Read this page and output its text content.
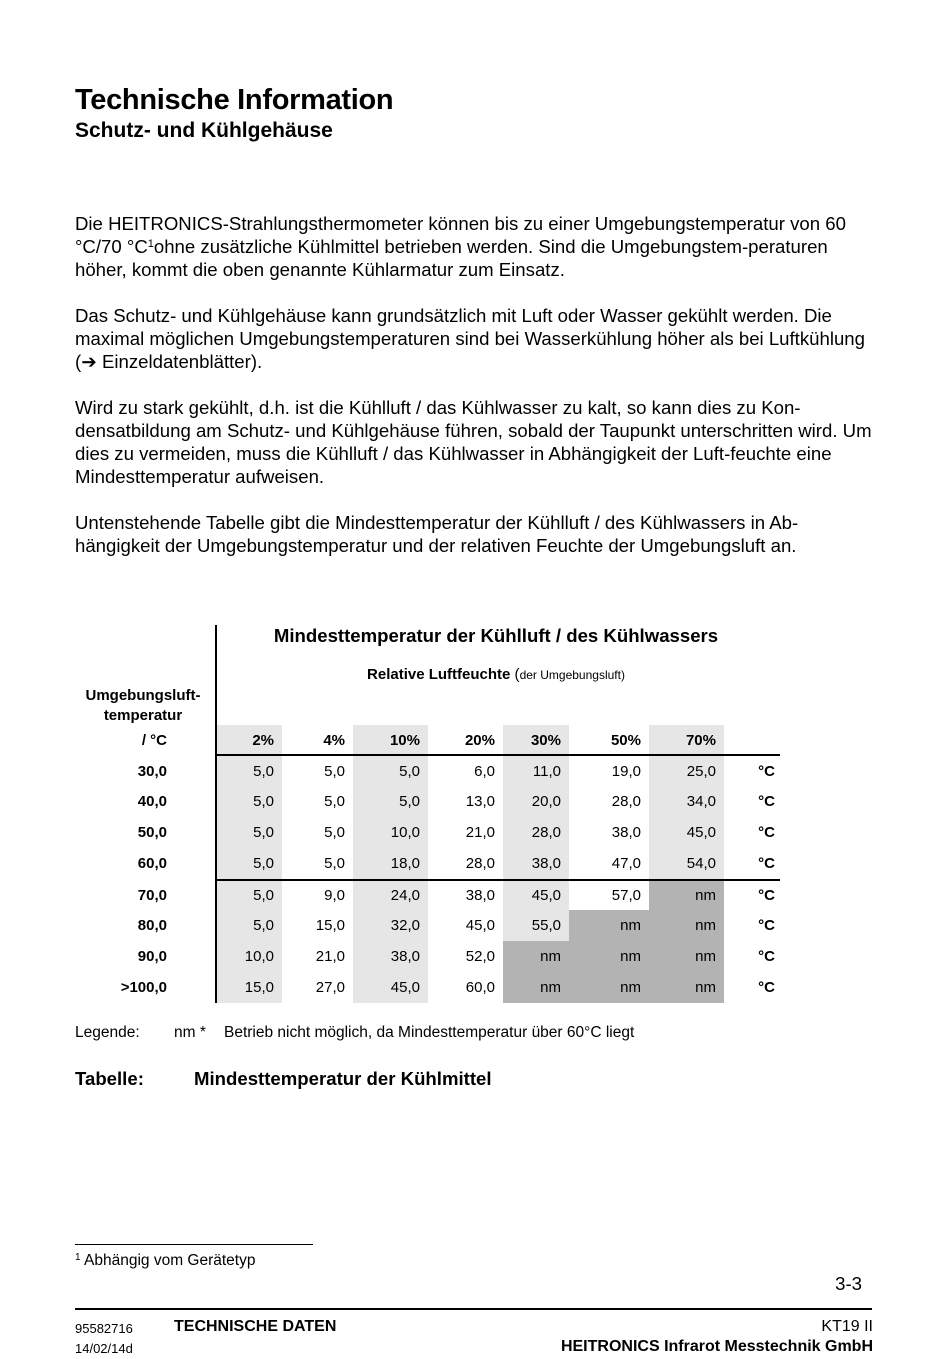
Technische Information
Schutz- und Kühlgehäuse
Die HEITRONICS-Strahlungsthermometer können bis zu einer Umgebungstemperatur von 60 °C/70 $^\circ C^1ohne$ zusätzliche Kühlmittel betrieben werden. Sind die Umgebungstem-peraturen höher, kommt die oben genannte Kühlarmatur zum Einsatz.
Das Schutz- und Kühlgehäuse kann grundsätzlich mit Luft oder Wasser gekühlt werden. Die maximal möglichen Umgebungstemperaturen sind bei Wasserkühlung höher als bei Luftkühlung (➔ Einzeldatenblätter).
Wird zu stark gekühlt, d.h. ist die Kühlluft / das Kühlwasser zu kalt, so kann dies zu Kon-densatbildung am Schutz- und Kühlgehäuse führen, sobald der Taupunkt unterschritten wird. Um dies zu vermeiden, muss die Kühlluft / das Kühlwasser in Abhängigkeit der Luft-feuchte eine Mindesttemperatur aufweisen.
Untenstehende Tabelle gibt die Mindesttemperatur der Kühlluft / des Kühlwassers in Ab-hängigkeit der Umgebungstemperatur und der relativen Feuchte der Umgebungsluft an.
Mindesttemperatur der Kühlluft / des Kühlwassers
Relative Luftfeuchte (der Umgebungsluft)
Umgebungsluft-
temperatur
/ °C	2%	4%	10%	20%	30%	50%	70%
30,0	5,0	5,0	5,0	6,0	11,0	19,0	25,0	°C
40,0	5,0	5,0	5,0	13,0	20,0	28,0	34,0	°C
50,0	5,0	5,0	10,0	21,0	28,0	38,0	45,0	°C
60,0	5,0	5,0	18,0	28,0	38,0	47,0	54,0	°C
70,0	5,0	9,0	24,0	38,0	45,0	57,0	nm	°C
80,0	5,0	15,0	32,0	45,0	55,0	nm	nm	°C
90,0	10,0	21,0	38,0	52,0	nm	nm	nm	°C
>100,0	15,0	27,0	45,0	60,0	nm	nm	nm	°C
Legende: nm * Betrieb nicht möglich, da Mindesttemperatur über 60°C liegt
Tabelle:	Mindesttemperatur der Kühlmittel
$^1$ Abhängig vom Gerätetyp
3-3
95582716
14/02/14d
TECHNISCHE DATEN	KT19 II
HEITRONICS Infrarot Messtechnik GmbH
